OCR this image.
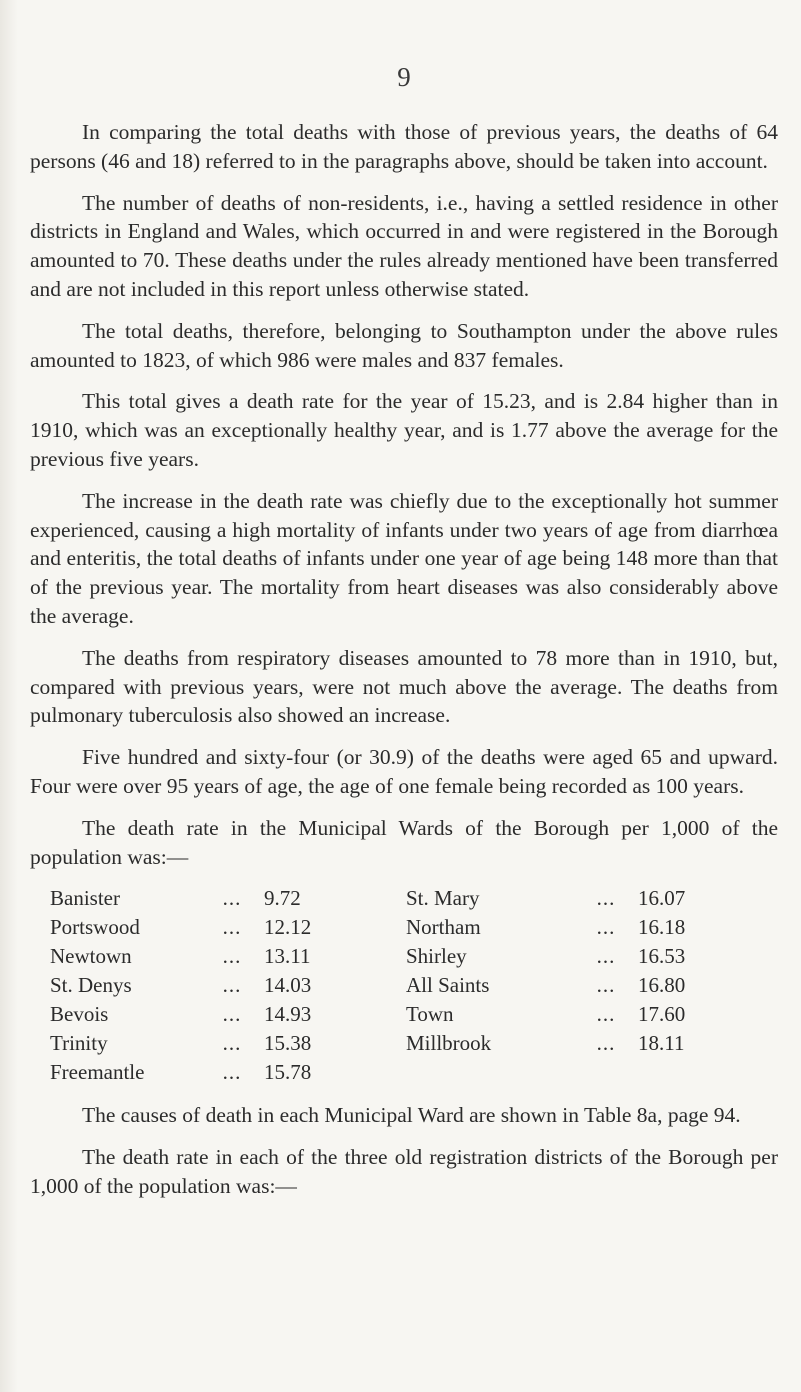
9

In comparing the total deaths with those of previous years, the deaths of 64 persons (46 and 18) referred to in the paragraphs above, should be taken into account.

The number of deaths of non-residents, i.e., having a settled residence in other districts in England and Wales, which occurred in and were registered in the Borough amounted to 70. These deaths under the rules already mentioned have been transferred and are not included in this report unless otherwise stated.

The total deaths, therefore, belonging to Southampton under the above rules amounted to 1823, of which 986 were males and 837 females.

This total gives a death rate for the year of 15.23, and is 2.84 higher than in 1910, which was an exceptionally healthy year, and is 1.77 above the average for the previous five years.

The increase in the death rate was chiefly due to the exceptionally hot summer experienced, causing a high mortality of infants under two years of age from diarrhœa and enteritis, the total deaths of infants under one year of age being 148 more than that of the previous year. The mortality from heart diseases was also considerably above the average.

The deaths from respiratory diseases amounted to 78 more than in 1910, but, compared with previous years, were not much above the average. The deaths from pulmonary tuberculosis also showed an increase.

Five hundred and sixty-four (or 30.9) of the deaths were aged 65 and upward. Four were over 95 years of age, the age of one female being recorded as 100 years.

The death rate in the Municipal Wards of the Borough per 1,000 of the population was:—

Banister	...	9.72
Portswood	...	12.12
Newtown	...	13.11
St. Denys	...	14.03
Bevois	...	14.93
Trinity	...	15.38
Freemantle	...	15.78
St. Mary	...	16.07
Northam	...	16.18
Shirley	...	16.53
All Saints	...	16.80
Town	...	17.60
Millbrook	...	18.11

The causes of death in each Municipal Ward are shown in Table 8a, page 94.

The death rate in each of the three old registration districts of the Borough per 1,000 of the population was:—
